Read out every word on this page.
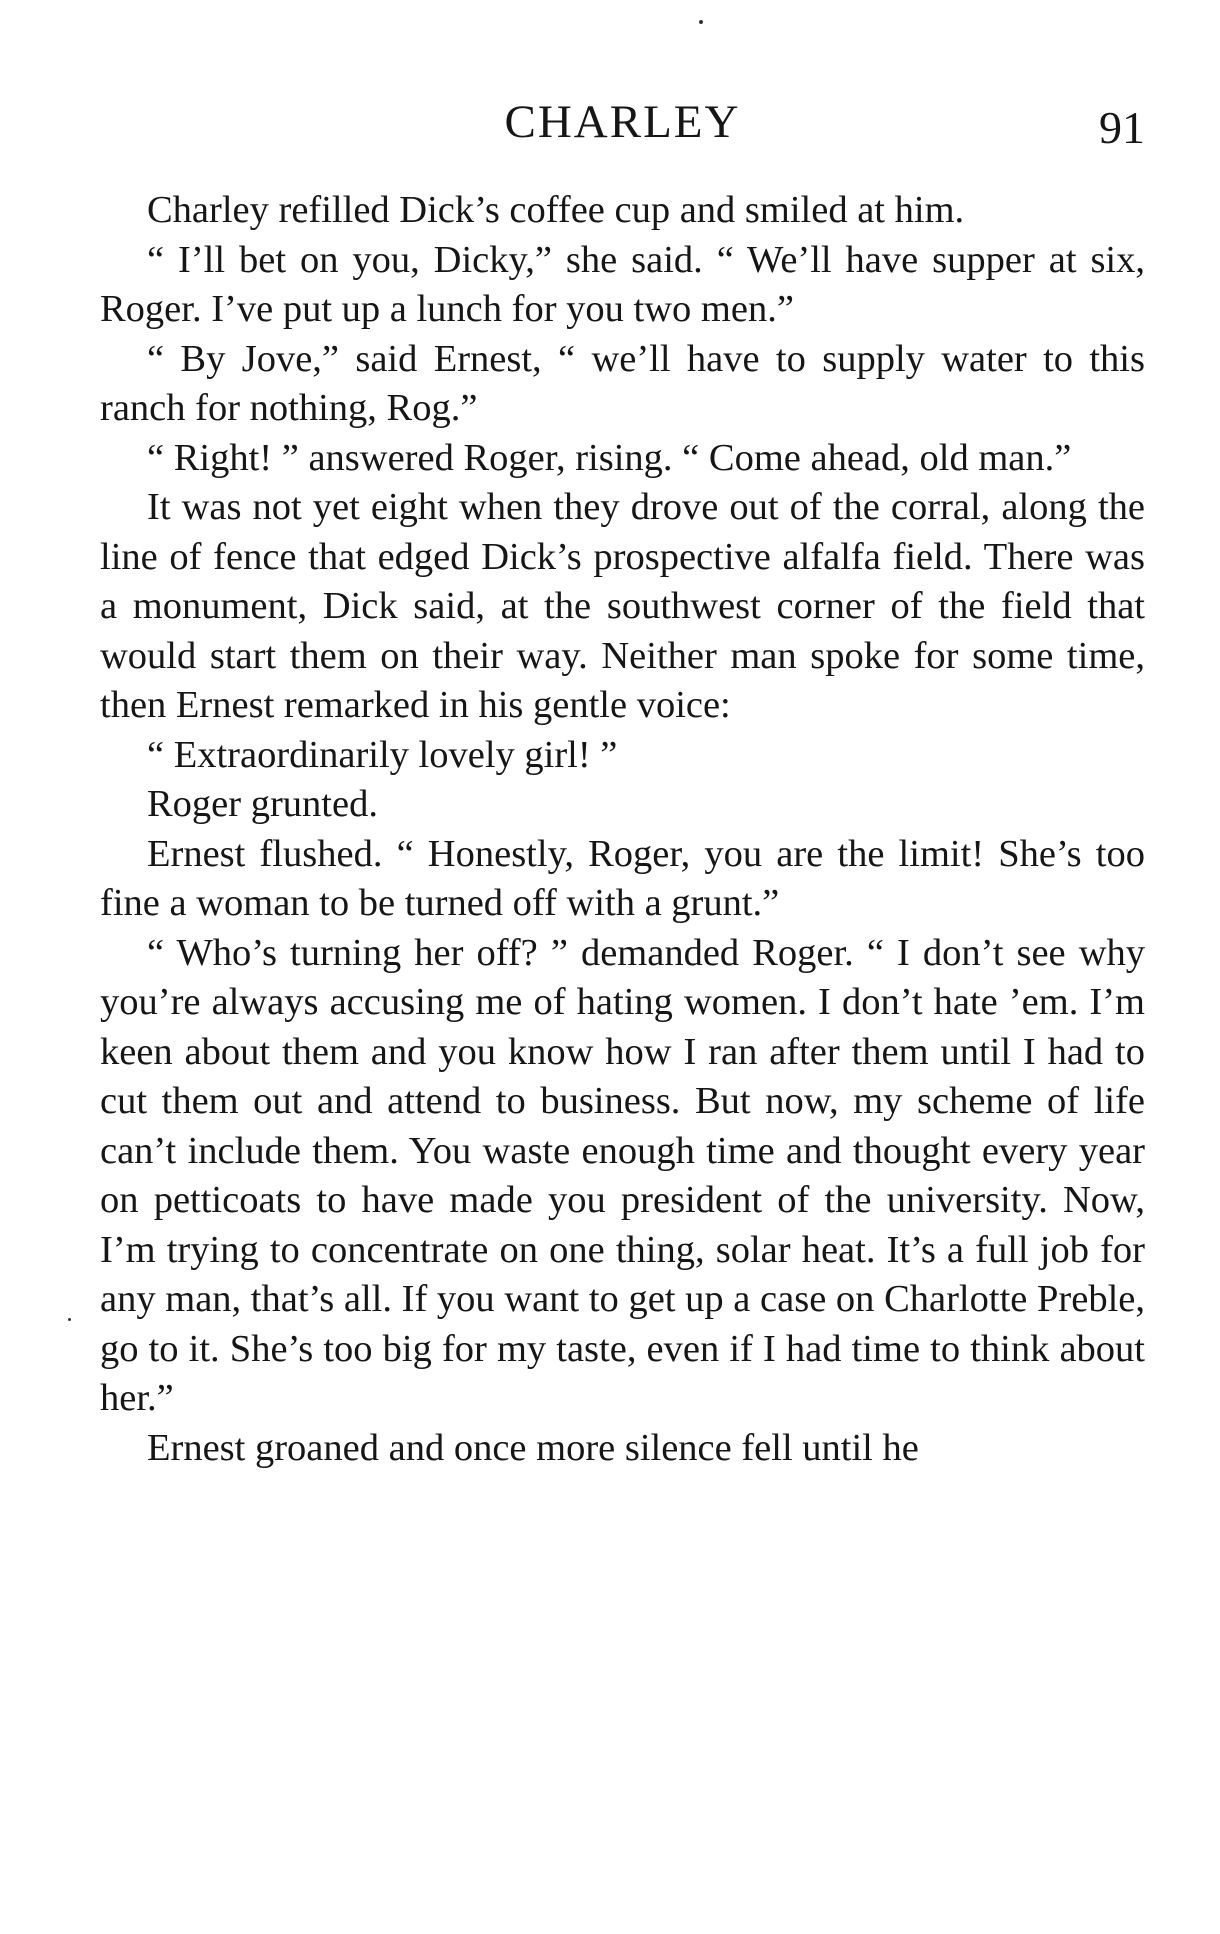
CHARLEY	91

Charley refilled Dick’s coffee cup and smiled at him.

“ I’ll bet on you, Dicky,” she said. “ We’ll have supper at six, Roger. I’ve put up a lunch for you two men.”

“ By Jove,” said Ernest, “ we’ll have to supply water to this ranch for nothing, Rog.”

“ Right! ” answered Roger, rising. “ Come ahead, old man.”

It was not yet eight when they drove out of the corral, along the line of fence that edged Dick’s prospective alfalfa field. There was a monument, Dick said, at the southwest corner of the field that would start them on their way. Neither man spoke for some time, then Ernest remarked in his gentle voice:

“ Extraordinarily lovely girl! ”

Roger grunted.

Ernest flushed. “ Honestly, Roger, you are the limit! She’s too fine a woman to be turned off with a grunt.”

“ Who’s turning her off? ” demanded Roger. “ I don’t see why you’re always accusing me of hating women. I don’t hate ’em. I’m keen about them and you know how I ran after them until I had to cut them out and attend to business. But now, my scheme of life can’t include them. You waste enough time and thought every year on petticoats to have made you president of the university. Now, I’m trying to concentrate on one thing, solar heat. It’s a full job for any man, that’s all. If you want to get up a case on Charlotte Preble, go to it. She’s too big for my taste, even if I had time to think about her.”

Ernest groaned and once more silence fell until he
